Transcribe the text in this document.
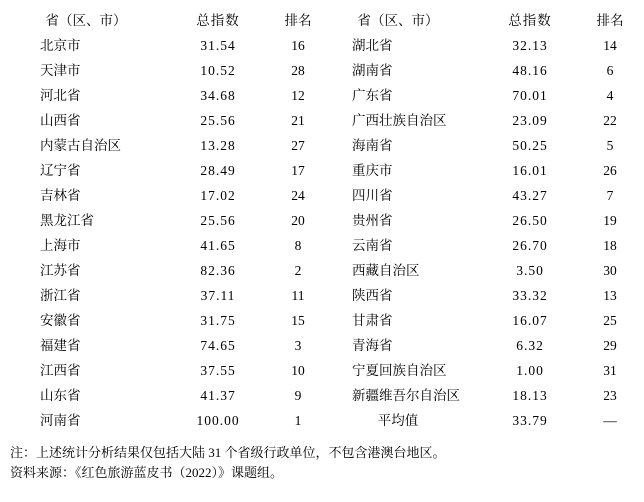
省（区、市）	总指数	排名	省（区、市）	总指数	排名
北京市	31.54	16	湖北省	32.13	14
天津市	10.52	28	湖南省	48.16	6
河北省	34.68	12	广东省	70.01	4
山西省	25.56	21	广西壮族自治区	23.09	22
内蒙古自治区	13.28	27	海南省	50.25	5
辽宁省	28.49	17	重庆市	16.01	26
吉林省	17.02	24	四川省	43.27	7
黑龙江省	25.56	20	贵州省	26.50	19
上海市	41.65	8	云南省	26.70	18
江苏省	82.36	2	西藏自治区	3.50	30
浙江省	37.11	11	陕西省	33.32	13
安徽省	31.75	15	甘肃省	16.07	25
福建省	74.65	3	青海省	6.32	29
江西省	37.55	10	宁夏回族自治区	1.00	31
山东省	41.37	9	新疆维吾尔自治区	18.13	23
河南省	100.00	1	平均值	33.79	—
注：上述统计分析结果仅包括大陆 31 个省级行政单位，不包含港澳台地区。
资料来源：《红色旅游蓝皮书（2022）》课题组。
